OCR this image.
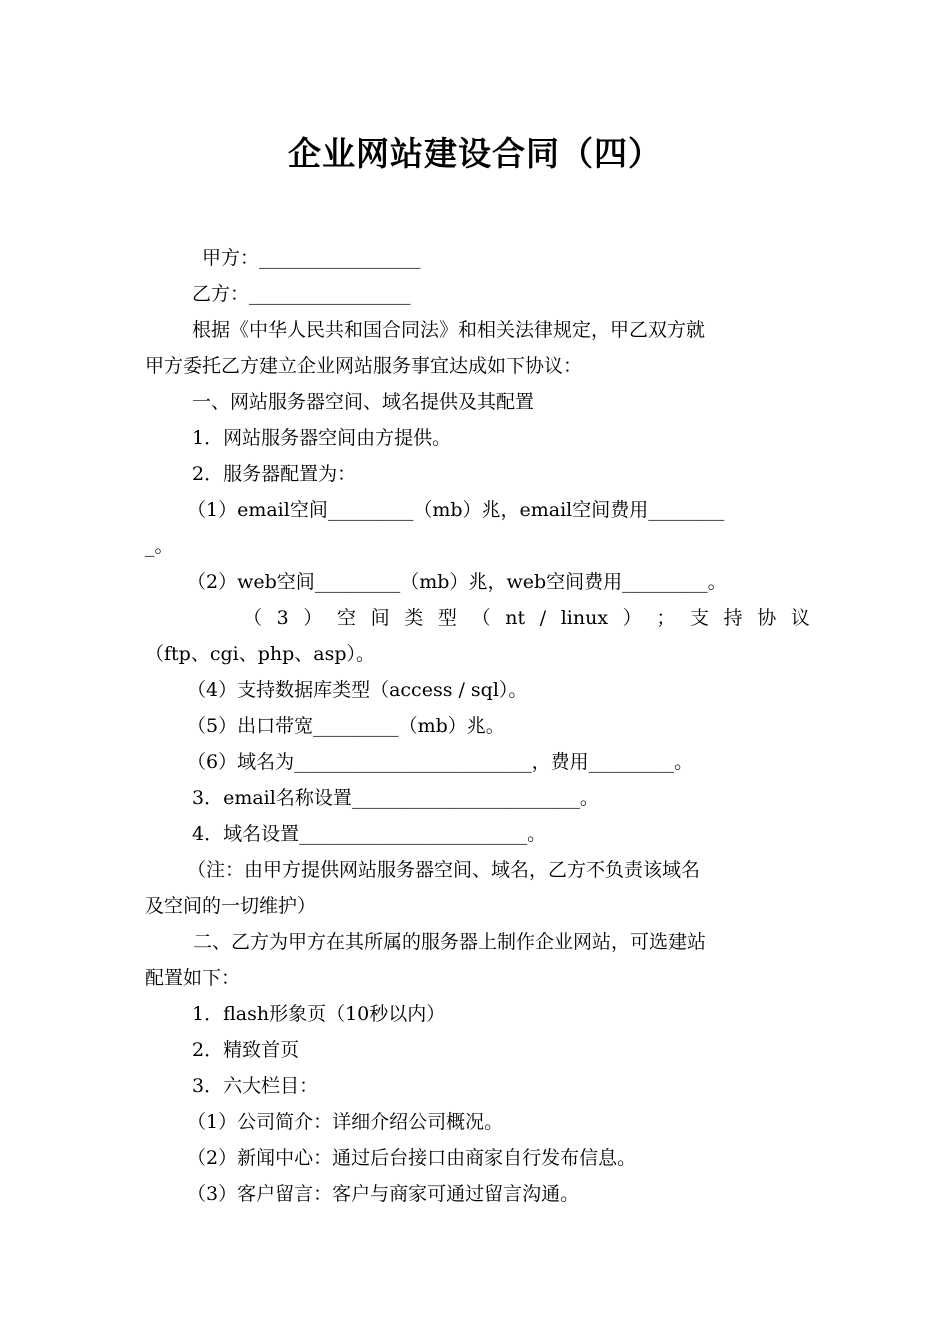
企业网站建设合同（四）
甲方：_________________
乙方：_________________
根据《中华人民共和国合同法》和相关法律规定，甲乙双方就
甲方委托乙方建立企业网站服务事宜达成如下协议：
一、网站服务器空间、域名提供及其配置
1．网站服务器空间由方提供。
2．服务器配置为：
（1）email空间_________（mb）兆，email空间费用________
_。
（2）web空间_________（mb）兆，web空间费用_________。
（ 3 ） 空 间 类 型 （ nt / linux ） ； 支 持 协 议
（ftp、cgi、php、asp）。
（4）支持数据库类型（access / sql）。
（5）出口带宽_________（mb）兆。
（6）域名为_________________________，费用_________。
3．email名称设置________________________。
4．域名设置________________________。
（注：由甲方提供网站服务器空间、域名，乙方不负责该域名
及空间的一切维护）
二、乙方为甲方在其所属的服务器上制作企业网站，可选建站
配置如下：
1．flash形象页（10秒以内）
2．精致首页
3．六大栏目：
（1）公司简介：详细介绍公司概况。
（2）新闻中心：通过后台接口由商家自行发布信息。
（3）客户留言：客户与商家可通过留言沟通。
